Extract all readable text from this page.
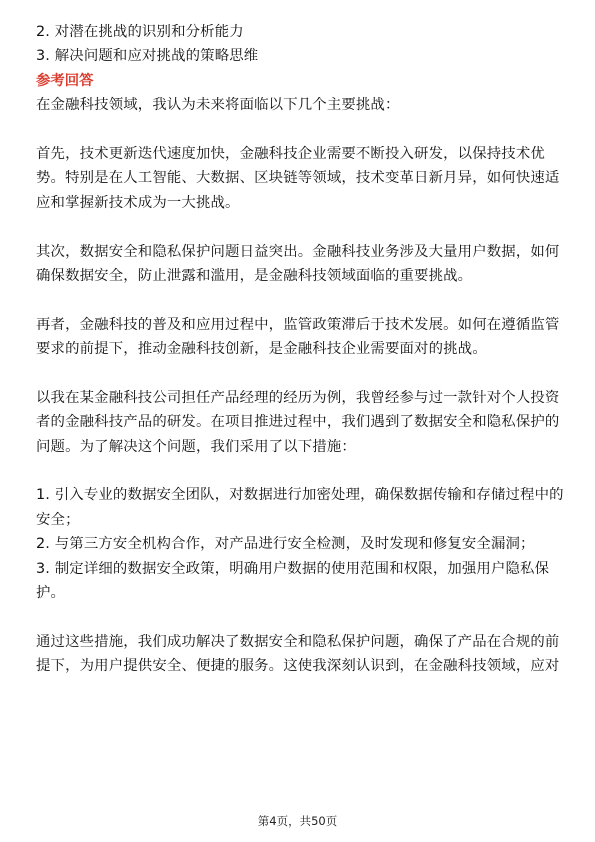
2. 对潜在挑战的识别和分析能力
3. 解决问题和应对挑战的策略思维
参考回答
在金融科技领域，我认为未来将面临以下几个主要挑战：
首先，技术更新迭代速度加快，金融科技企业需要不断投入研发，以保持技术优
势。特别是在人工智能、大数据、区块链等领域，技术变革日新月异，如何快速适
应和掌握新技术成为一大挑战。
其次，数据安全和隐私保护问题日益突出。金融科技业务涉及大量用户数据，如何
确保数据安全，防止泄露和滥用，是金融科技领域面临的重要挑战。
再者，金融科技的普及和应用过程中，监管政策滞后于技术发展。如何在遵循监管
要求的前提下，推动金融科技创新，是金融科技企业需要面对的挑战。
以我在某金融科技公司担任产品经理的经历为例，我曾经参与过一款针对个人投资
者的金融科技产品的研发。在项目推进过程中，我们遇到了数据安全和隐私保护的
问题。为了解决这个问题，我们采用了以下措施：
1. 引入专业的数据安全团队，对数据进行加密处理，确保数据传输和存储过程中的
安全；
2. 与第三方安全机构合作，对产品进行安全检测，及时发现和修复安全漏洞；
3. 制定详细的数据安全政策，明确用户数据的使用范围和权限，加强用户隐私保
护。
通过这些措施，我们成功解决了数据安全和隐私保护问题，确保了产品在合规的前
提下，为用户提供安全、便捷的服务。这使我深刻认识到，在金融科技领域，应对
第4页，共50页
